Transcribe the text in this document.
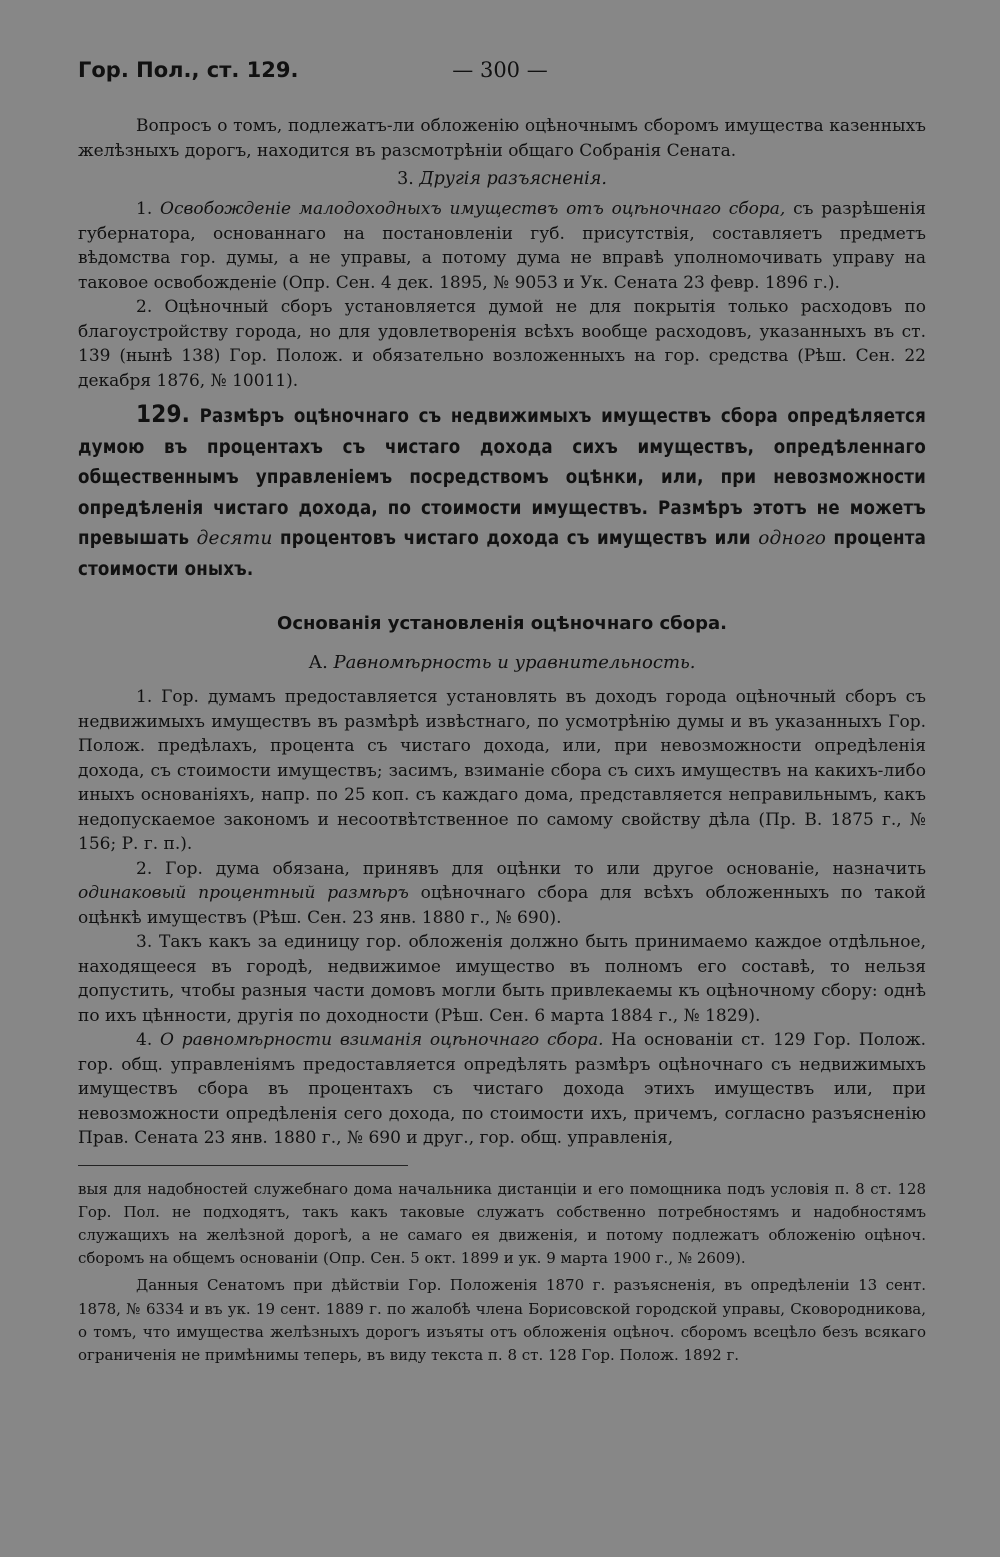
Гор. Пол., ст. 129.	— 300 —

Вопросъ о томъ, подлежатъ-ли обложенію оцѣночнымъ сборомъ имущества казенныхъ желѣзныхъ дорогъ, находится въ разсмотрѣніи общаго Собранія Сената.

3. Другія разъясненія.

1. Освобожденіе малодоходныхъ имуществъ отъ оцѣночнаго сбора, съ разрѣшенія губернатора, основаннаго на постановленіи губ. присутствія, составляетъ предметъ вѣдомства гор. думы, а не управы, а потому дума не вправѣ уполномочивать управу на таковое освобожденіе (Опр. Сен. 4 дек. 1895, № 9053 и Ук. Сената 23 февр. 1896 г.).

2. Оцѣночный сборъ установляется думой не для покрытія только расходовъ по благоустройству города, но для удовлетворенія всѣхъ вообще расходовъ, указанныхъ въ ст. 139 (нынѣ 138) Гор. Полож. и обязательно возложенныхъ на гор. средства (Рѣш. Сен. 22 декабря 1876, № 10011).

129. Размѣръ оцѣночнаго съ недвижимыхъ имуществъ сбора опредѣляется думою въ процентахъ съ чистаго дохода сихъ имуществъ, опредѣленнаго общественнымъ управленіемъ посредствомъ оцѣнки, или, при невозможности опредѣленія чистаго дохода, по стоимости имуществъ. Размѣръ этотъ не можетъ превышать десяти процентовъ чистаго дохода съ имуществъ или одного процента стоимости оныхъ.

Основанія установленія оцѣночнаго сбора.

А. Равномѣрность и уравнительность.

1. Гор. думамъ предоставляется установлять въ доходъ города оцѣночный сборъ съ недвижимыхъ имуществъ въ размѣрѣ извѣстнаго, по усмотрѣнію думы и въ указанныхъ Гор. Полож. предѣлахъ, процента съ чистаго дохода, или, при невозможности опредѣленія дохода, съ стоимости имуществъ; засимъ, взиманіе сбора съ сихъ имуществъ на какихъ-либо иныхъ основаніяхъ, напр. по 25 коп. съ каждаго дома, представляется неправильнымъ, какъ недопускаемое закономъ и несоотвѣтственное по самому свойству дѣла (Пр. В. 1875 г., № 156; Р. г. п.).

2. Гор. дума обязана, принявъ для оцѣнки то или другое основаніе, назначить одинаковый процентный размѣръ оцѣночнаго сбора для всѣхъ обложенныхъ по такой оцѣнкѣ имуществъ (Рѣш. Сен. 23 янв. 1880 г., № 690).

3. Такъ какъ за единицу гор. обложенія должно быть принимаемо каждое отдѣльное, находящееся въ городѣ, недвижимое имущество въ полномъ его составѣ, то нельзя допустить, чтобы разныя части домовъ могли быть привлекаемы къ оцѣночному сбору: однѣ по ихъ цѣнности, другія по доходности (Рѣш. Сен. 6 марта 1884 г., № 1829).

4. О равномѣрности взиманія оцѣночнаго сбора. На основаніи ст. 129 Гор. Полож. гор. общ. управленіямъ предоставляется опредѣлять размѣръ оцѣночнаго съ недвижимыхъ имуществъ сбора въ процентахъ съ чистаго дохода этихъ имуществъ или, при невозможности опредѣленія сего дохода, по стоимости ихъ, причемъ, согласно разъясненію Прав. Сената 23 янв. 1880 г., № 690 и друг., гор. общ. управленія,

выя для надобностей служебнаго дома начальника дистанціи и его помощника подъ условія п. 8 ст. 128 Гор. Пол. не подходятъ, такъ какъ таковые служатъ собственно потребностямъ и надобностямъ служащихъ на желѣзной дорогѣ, а не самаго ея движенія, и потому подлежатъ обложенію оцѣноч. сборомъ на общемъ основаніи (Опр. Сен. 5 окт. 1899 и ук. 9 марта 1900 г., № 2609).

Данныя Сенатомъ при дѣйствіи Гор. Положенія 1870 г. разъясненія, въ опредѣленіи 13 сент. 1878, № 6334 и въ ук. 19 сент. 1889 г. по жалобѣ члена Борисовской городской управы, Сковородникова, о томъ, что имущества желѣзныхъ дорогъ изъяты отъ обложенія оцѣноч. сборомъ всецѣло безъ всякаго ограниченія не примѣнимы теперь, въ виду текста п. 8 ст. 128 Гор. Полож. 1892 г.
